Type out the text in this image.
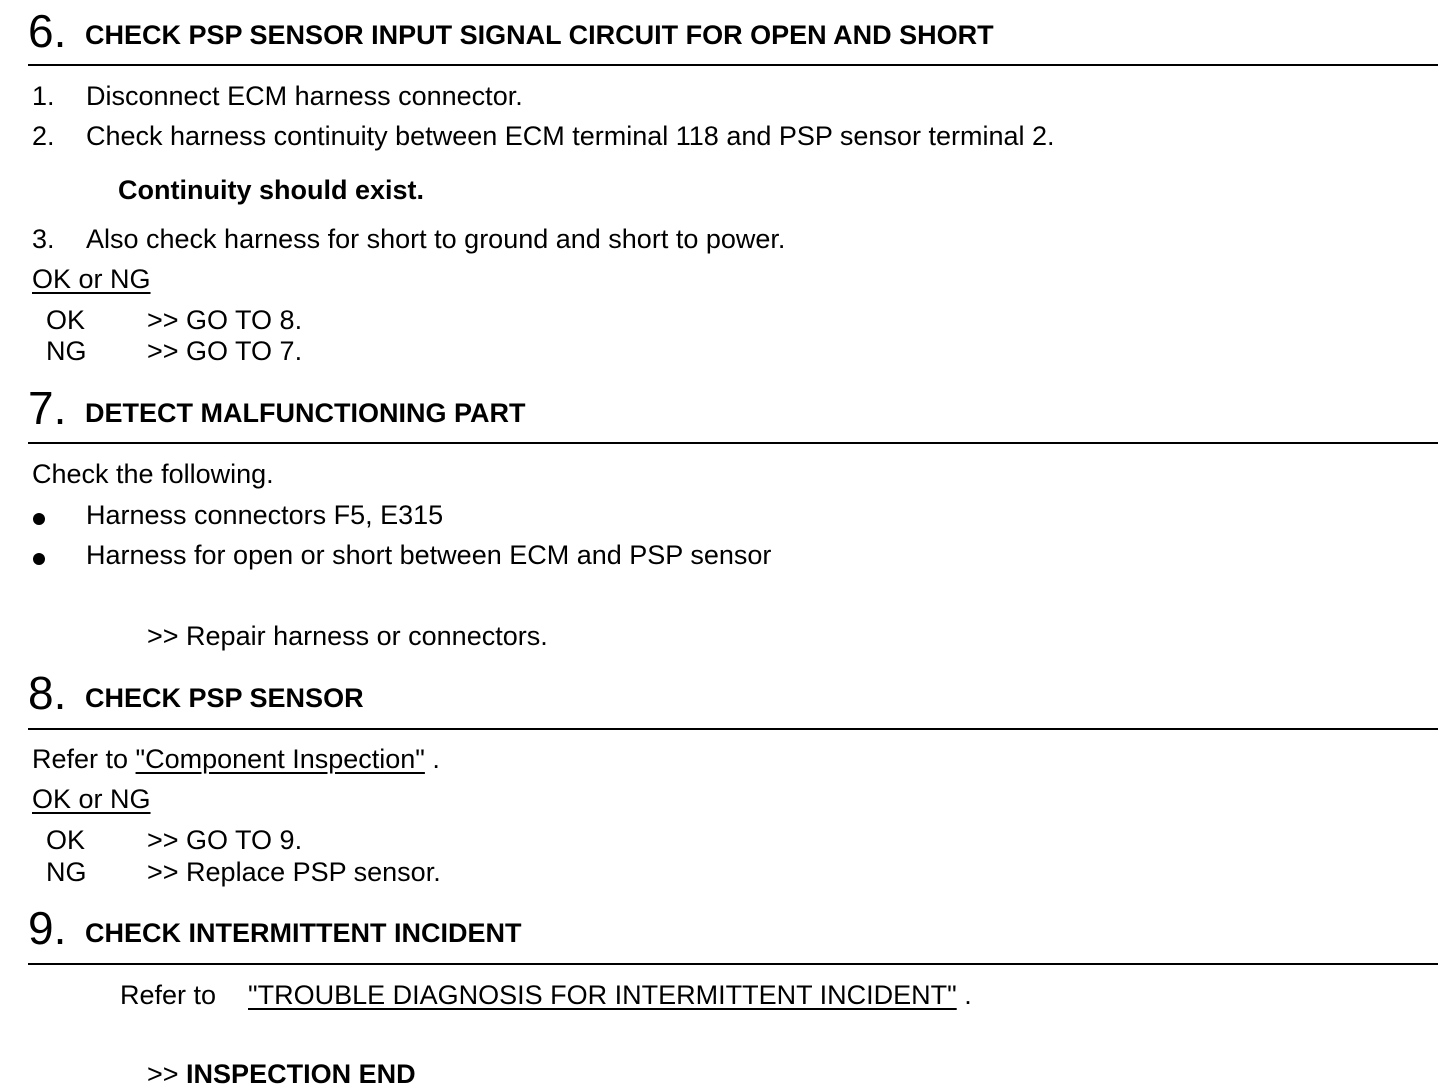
6. CHECK PSP SENSOR INPUT SIGNAL CIRCUIT FOR OPEN AND SHORT
1. Disconnect ECM harness connector.
2. Check harness continuity between ECM terminal 118 and PSP sensor terminal 2.
Continuity should exist.
3. Also check harness for short to ground and short to power.
OK or NG
OK >> GO TO 8.
NG >> GO TO 7.
7. DETECT MALFUNCTIONING PART
Check the following.
Harness connectors F5, E315
Harness for open or short between ECM and PSP sensor
>> Repair harness or connectors.
8. CHECK PSP SENSOR
Refer to "Component Inspection" .
OK or NG
OK >> GO TO 9.
NG >> Replace PSP sensor.
9. CHECK INTERMITTENT INCIDENT
Refer to "TROUBLE DIAGNOSIS FOR INTERMITTENT INCIDENT" .
>> INSPECTION END
